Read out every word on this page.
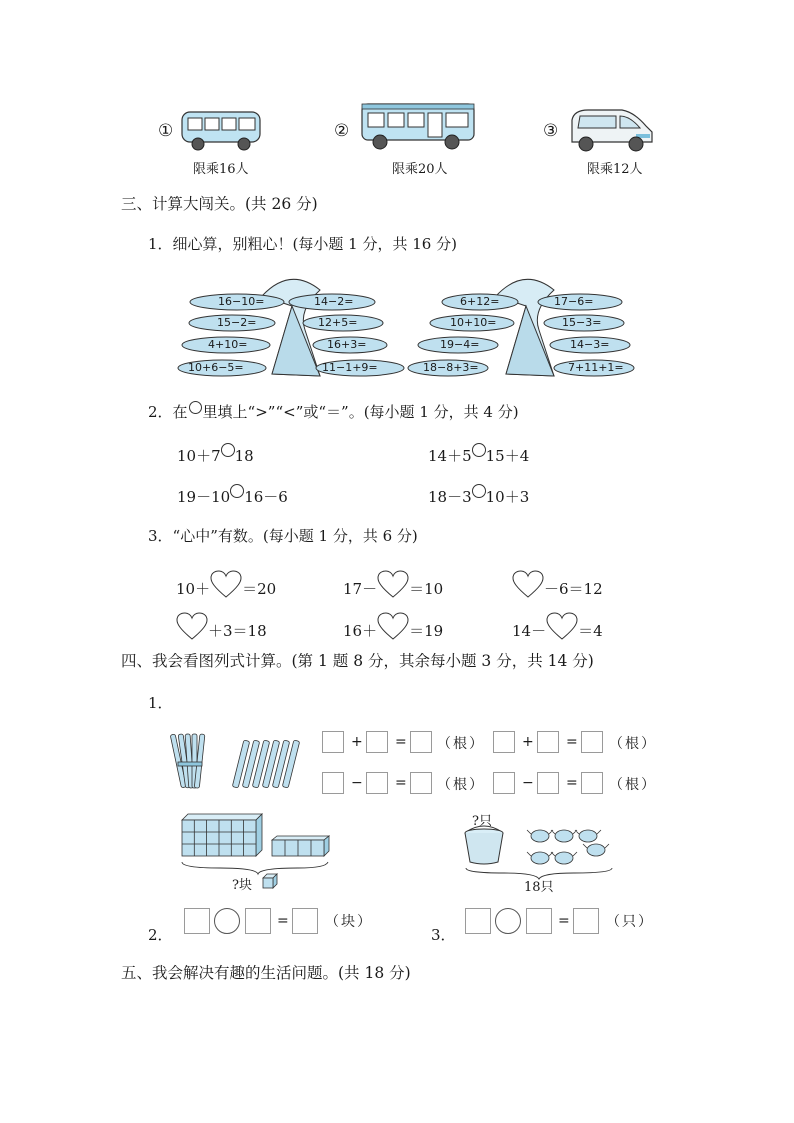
①
限乘16人
②
限乘20人
③
限乘12人
三、计算大闯关。(共 26 分)
1．细心算，别粗心！(每小题 1 分，共 16 分)
16−10=	14−2=
15−2=	12+5=
4+10=	16+3=
10+6−5=	11−1+9=
6+12=	17−6=
10+10=	15−3=
19−4=	14−3=
18−8+3=	7+11+1=
2．在 里填上“>”“<”或“＝”。(每小题 1 分，共 4 分)
10＋7 18	14＋5 15＋4
19－10 16－6	18－3 10＋3
3．“心中”有数。(每小题 1 分，共 6 分)
10＋ ＝20	17－ ＝10	－6＝12
＋3＝18	16＋ ＝19	14－ ＝4
四、我会看图列式计算。(第 1 题 8 分，其余每小题 3 分，共 14 分)
1．
+ = （根）	+ = （根）
− = （根）	− = （根）
?块
?只
18只
2．
=	（块）
3．
=	（只）
五、我会解决有趣的生活问题。(共 18 分)
